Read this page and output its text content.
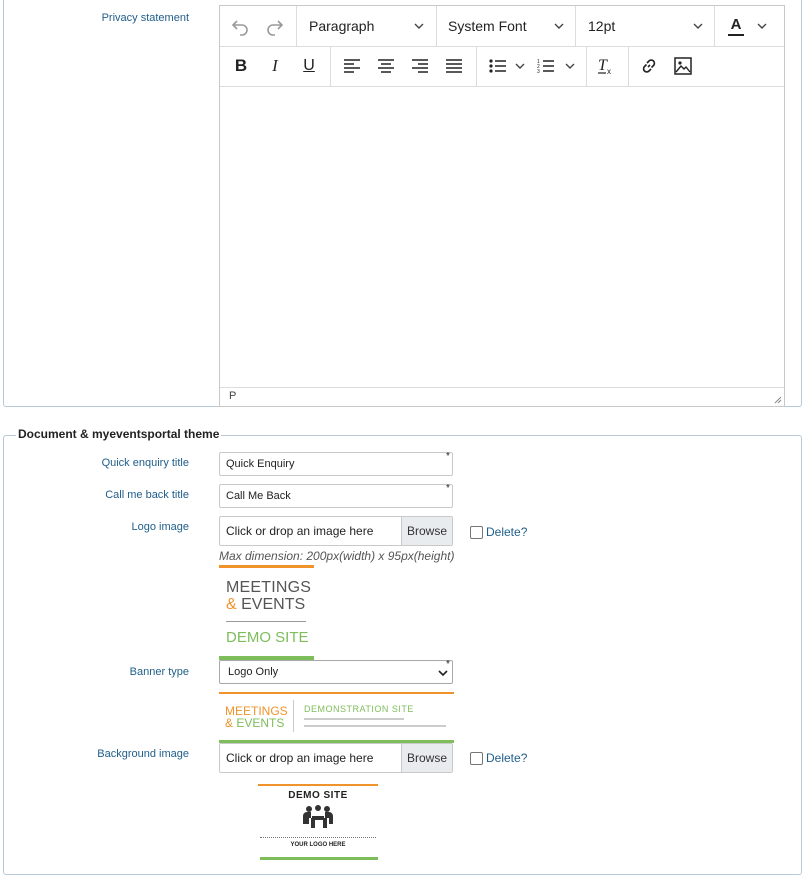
Privacy statement	Paragraph	System Font	12pt	A
B	I	U	1
2
3	T x
P
Document & myeventsportal theme
Quick enquiry title	Quick Enquiry
*
Call me back title	Call Me Back
*
Logo image	Click or drop an image here	Browse	Delete?
Max dimension: 200px(width) x 95px(height)
MEETINGS
& EVENTS
DEMO SITE
Banner type	Logo Only
*
MEETINGS
& EVENTS
DEMONSTRATION SITE
Background image	Click or drop an image here	Browse	Delete?
DEMO SITE
YOUR LOGO HERE
